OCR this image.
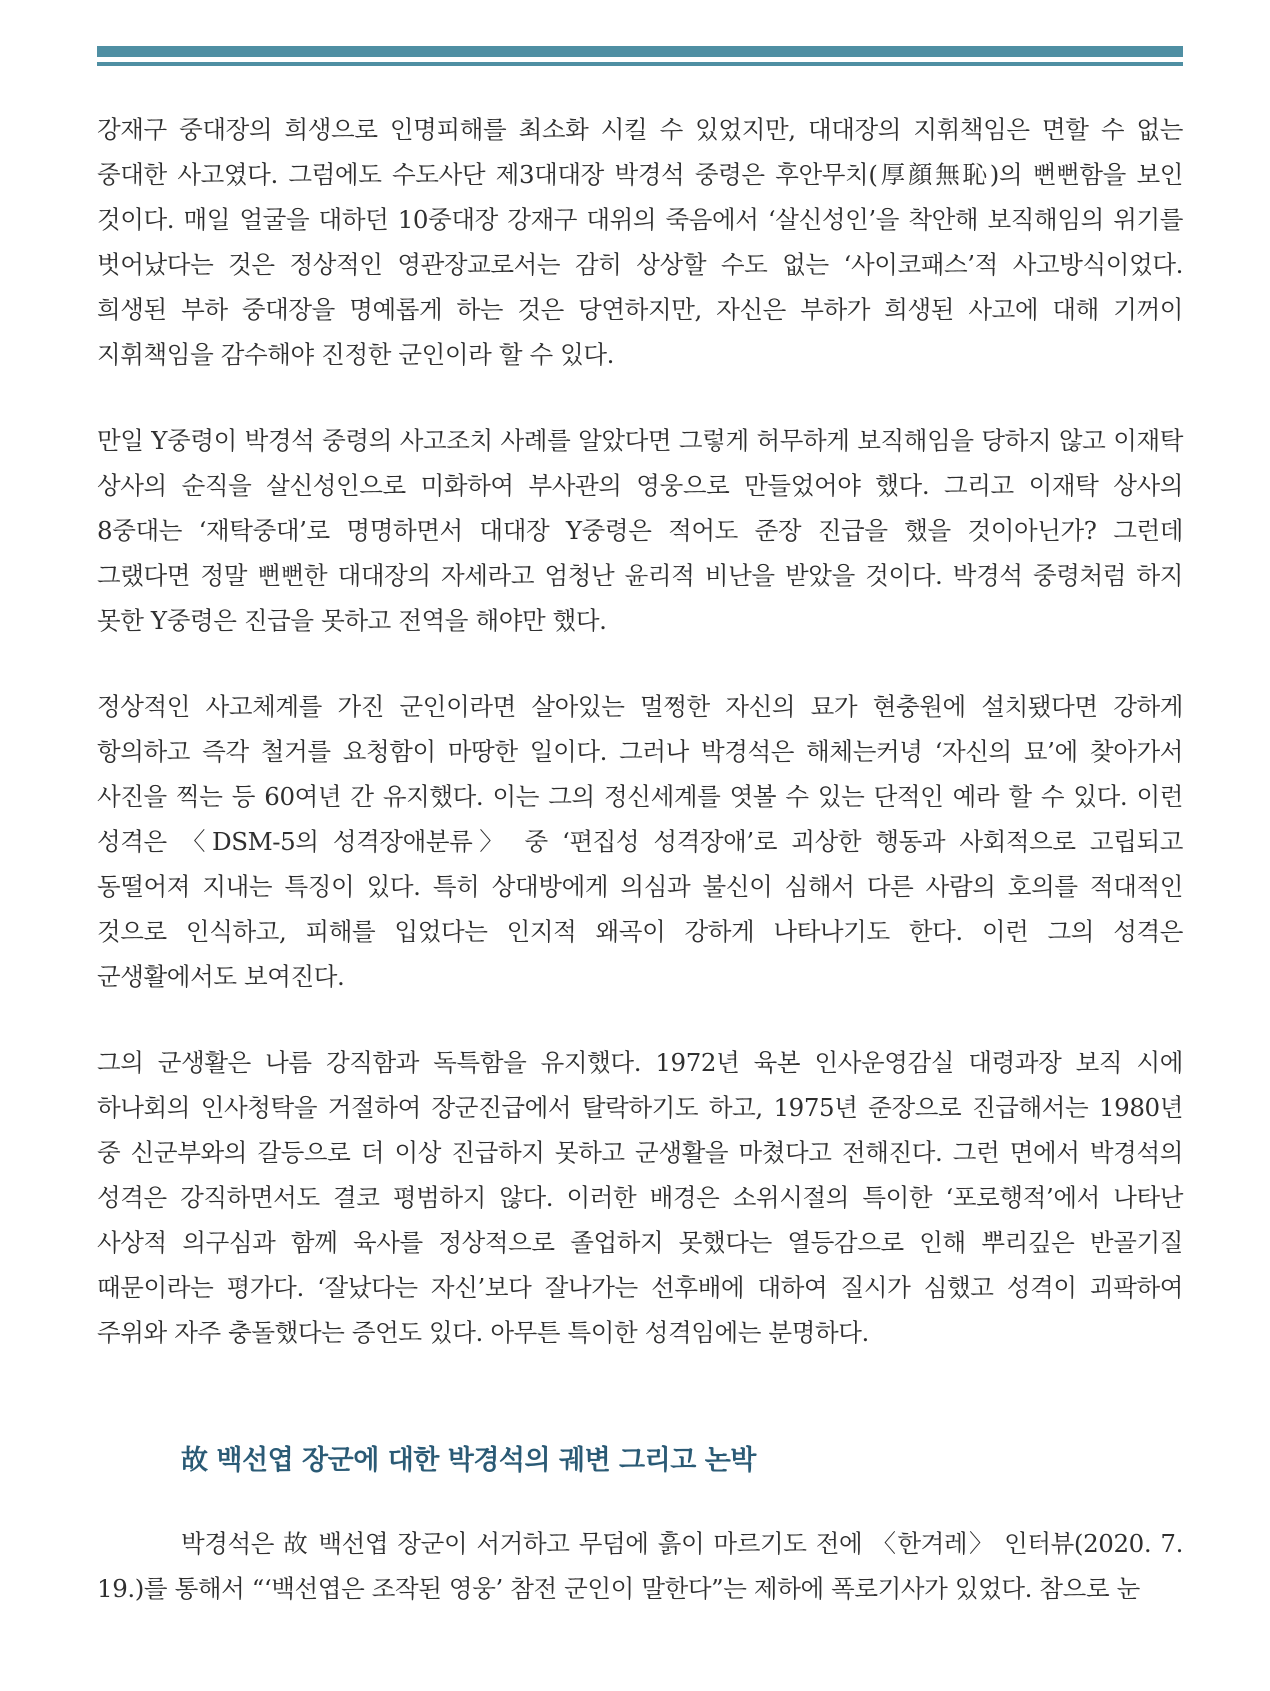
강재구 중대장의 희생으로 인명피해를 최소화 시킬 수 있었지만, 대대장의 지휘책임은 면할 수 없는 중대한 사고였다. 그럼에도 수도사단 제3대대장 박경석 중령은 후안무치(厚顔無恥)의 뻔뻔함을 보인 것이다. 매일 얼굴을 대하던 10중대장 강재구 대위의 죽음에서 ‘살신성인’을 착안해 보직해임의 위기를 벗어났다는 것은 정상적인 영관장교로서는 감히 상상할 수도 없는 ‘사이코패스’적 사고방식이었다. 희생된 부하 중대장을 명예롭게 하는 것은 당연하지만, 자신은 부하가 희생된 사고에 대해 기꺼이 지휘책임을 감수해야 진정한 군인이라 할 수 있다.

만일 Y중령이 박경석 중령의 사고조치 사례를 알았다면 그렇게 허무하게 보직해임을 당하지 않고 이재탁 상사의 순직을 살신성인으로 미화하여 부사관의 영웅으로 만들었어야 했다. 그리고 이재탁 상사의 8중대는 ‘재탁중대’로 명명하면서 대대장 Y중령은 적어도 준장 진급을 했을 것이아닌가? 그런데 그랬다면 정말 뻔뻔한 대대장의 자세라고 엄청난 윤리적 비난을 받았을 것이다. 박경석 중령처럼 하지 못한 Y중령은 진급을 못하고 전역을 해야만 했다.

정상적인 사고체계를 가진 군인이라면 살아있는 멀쩡한 자신의 묘가 현충원에 설치됐다면 강하게 항의하고 즉각 철거를 요청함이 마땅한 일이다. 그러나 박경석은 해체는커녕 ‘자신의 묘’에 찾아가서 사진을 찍는 등 60여년 간 유지했다. 이는 그의 정신세계를 엿볼 수 있는 단적인 예라 할 수 있다. 이런 성격은 〈DSM-5의 성격장애분류〉 중 ‘편집성 성격장애’로 괴상한 행동과 사회적으로 고립되고 동떨어져 지내는 특징이 있다. 특히 상대방에게 의심과 불신이 심해서 다른 사람의 호의를 적대적인 것으로 인식하고, 피해를 입었다는 인지적 왜곡이 강하게 나타나기도 한다. 이런 그의 성격은 군생활에서도 보여진다.

그의 군생활은 나름 강직함과 독특함을 유지했다. 1972년 육본 인사운영감실 대령과장 보직 시에 하나회의 인사청탁을 거절하여 장군진급에서 탈락하기도 하고, 1975년 준장으로 진급해서는 1980년 중 신군부와의 갈등으로 더 이상 진급하지 못하고 군생활을 마쳤다고 전해진다. 그런 면에서 박경석의 성격은 강직하면서도 결코 평범하지 않다. 이러한 배경은 소위시절의 특이한 ‘포로행적’에서 나타난 사상적 의구심과 함께 육사를 정상적으로 졸업하지 못했다는 열등감으로 인해 뿌리깊은 반골기질 때문이라는 평가다. ‘잘났다는 자신’보다 잘나가는 선후배에 대하여 질시가 심했고 성격이 괴팍하여 주위와 자주 충돌했다는 증언도 있다. 아무튼 특이한 성격임에는 분명하다.

故 백선엽 장군에 대한 박경석의 궤변 그리고 논박

박경석은 故 백선엽 장군이 서거하고 무덤에 흙이 마르기도 전에 〈한겨레〉 인터뷰(2020. 7. 19.)를 통해서 “‘백선엽은 조작된 영웅’ 참전 군인이 말한다”는 제하에 폭로기사가 있었다. 참으로 눈
